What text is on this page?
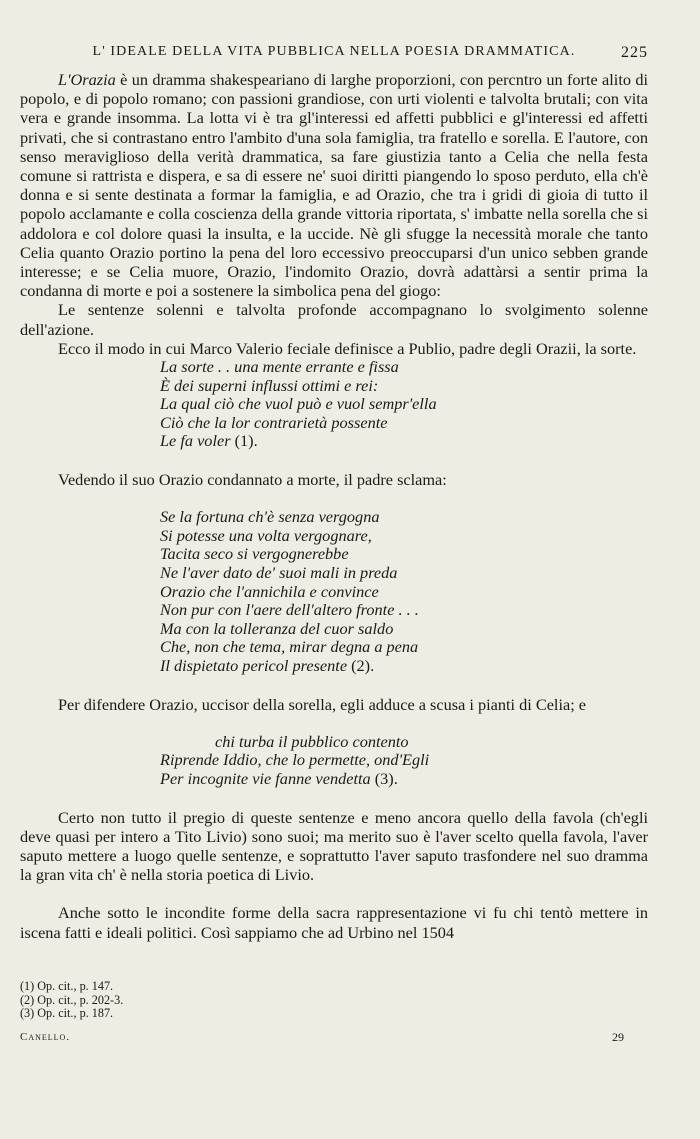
L' IDEALE DELLA VITA PUBBLICA NELLA POESIA DRAMMATICA.	225

L'Orazia è un dramma shakespeariano di larghe proporzioni, con percntro un forte alito di popolo, e di popolo romano; con passioni grandiose, con urti violenti e talvolta brutali; con vita vera e grande insomma. La lotta vi è tra gl'interessi ed affetti pubblici e gl'interessi ed affetti privati, che si contrastano entro l'ambito d'una sola famiglia, tra fratello e sorella. E l'autore, con senso meraviglioso della verità drammatica, sa fare giustizia tanto a Celia che nella festa comune si rattrista e dispera, e sa di essere ne' suoi diritti piangendo lo sposo perduto, ella ch'è donna e si sente destinata a formar la famiglia, e ad Orazio, che tra i gridi di gioia di tutto il popolo acclamante e colla coscienza della grande vittoria riportata, s' imbatte nella sorella che si addolora e col dolore quasi la insulta, e la uccide. Nè gli sfugge la necessità morale che tanto Celia quanto Orazio portino la pena del loro eccessivo preoccuparsi d'un unico sebben grande interesse; e se Celia muore, Orazio, l'indomito Orazio, dovrà adattàrsi a sentir prima la condanna di morte e poi a sostenere la simbolica pena del giogo:

Le sentenze solenni e talvolta profonde accompagnano lo svolgimento solenne dell'azione.

Ecco il modo in cui Marco Valerio feciale definisce a Publio, padre degli Orazii, la sorte.

La sorte . . una mente errante e fissa
È dei superni influssi ottimi e rei:
La qual ciò che vuol può e vuol sempr'ella
Ciò che la lor contrarietà possente
Le fa voler (1).

Vedendo il suo Orazio condannato a morte, il padre sclama:

Se la fortuna ch'è senza vergogna
Si potesse una volta vergognare,
Tacita seco si vergognerebbe
Ne l'aver dato de' suoi mali in preda
Orazio che l'annichila e convince
Non pur con l'aere dell'altero fronte . . .
Ma con la tolleranza del cuor saldo
Che, non che tema, mirar degna a pena
Il dispietato pericol presente (2).

Per difendere Orazio, uccisor della sorella, egli adduce a scusa i pianti di Celia; e

chi turba il pubblico contento
Riprende Iddio, che lo permette, ond'Egli
Per incognite vie fanne vendetta (3).

Certo non tutto il pregio di queste sentenze e meno ancora quello della favola (ch'egli deve quasi per intero a Tito Livio) sono suoi; ma merito suo è l'aver scelto quella favola, l'aver saputo mettere a luogo quelle sentenze, e soprattutto l'aver saputo trasfondere nel suo dramma la gran vita ch' è nella storia poetica di Livio.

Anche sotto le incondite forme della sacra rappresentazione vi fu chi tentò mettere in iscena fatti e ideali politici. Così sappiamo che ad Urbino nel 1504

(1) Op. cit., p. 147.
(2) Op. cit., p. 202-3.
(3) Op. cit., p. 187.
Canello.	29
